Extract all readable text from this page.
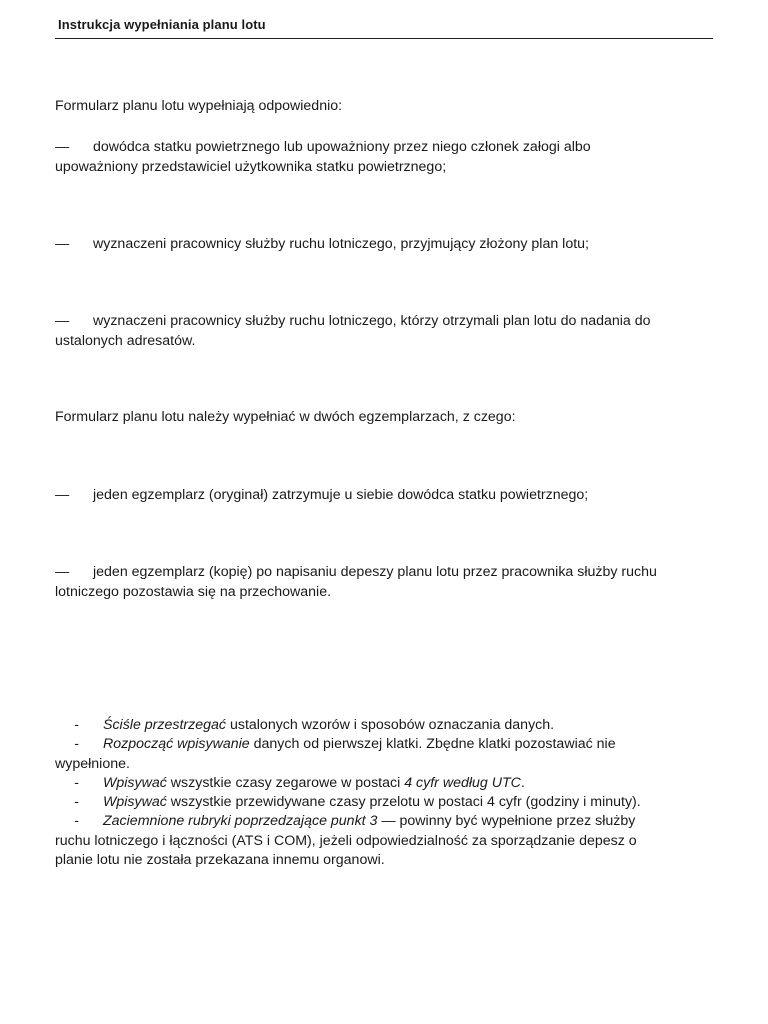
Instrukcja wypełniania planu lotu

Formularz planu lotu wypełniają odpowiednio:

— dowódca statku powietrznego lub upoważniony przez niego członek załogi albo
upoważniony przedstawiciel użytkownika statku powietrznego;
— wyznaczeni pracownicy służby ruchu lotniczego, przyjmujący złożony plan lotu;
— wyznaczeni pracownicy służby ruchu lotniczego, którzy otrzymali plan lotu do nadania do
ustalonych adresatów.

Formularz planu lotu należy wypełniać w dwóch egzemplarzach, z czego:

— jeden egzemplarz (oryginał) zatrzymuje u siebie dowódca statku powietrznego;
— jeden egzemplarz (kopię) po napisaniu depeszy planu lotu przez pracownika służby ruchu
lotniczego pozostawia się na przechowanie.
- Ściśle przestrzegać ustalonych wzorów i sposobów oznaczania danych.
- Rozpocząć wpisywanie danych od pierwszej klatki. Zbędne klatki pozostawiać nie
wypełnione.
- Wpisywać wszystkie czasy zegarowe w postaci 4 cyfr według UTC.
- Wpisywać wszystkie przewidywane czasy przelotu w postaci 4 cyfr (godziny i minuty).
- Zaciemnione rubryki poprzedzające punkt 3 — powinny być wypełnione przez służby
ruchu lotniczego i łączności (ATS i COM), jeżeli odpowiedzialność za sporządzanie depesz o
planie lotu nie została przekazana innemu organowi.
